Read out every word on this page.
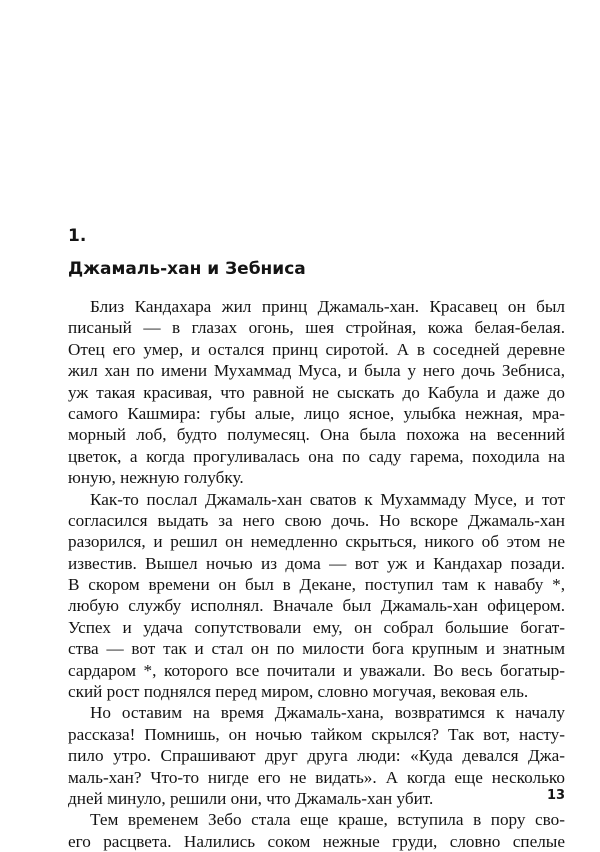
1.
Джамаль-хан и Зебниса
Близ Кандахара жил принц Джамаль-хан. Красавец он был
писаный — в глазах огонь, шея стройная, кожа белая-белая.
Отец его умер, и остался принц сиротой. А в соседней деревне
жил хан по имени Мухаммад Муса, и была у него дочь Зебниса,
уж такая красивая, что равной не сыскать до Кабула и даже до
самого Кашмира: губы алые, лицо ясное, улыбка нежная, мра-
морный лоб, будто полумесяц. Она была похожа на весенний
цветок, а когда прогуливалась она по саду гарема, походила на
юную, нежную голубку.
Как-то послал Джамаль-хан сватов к Мухаммаду Мусе, и тот
согласился выдать за него свою дочь. Но вскоре Джамаль-хан
разорился, и решил он немедленно скрыться, никого об этом не
известив. Вышел ночью из дома — вот уж и Кандахар позади.
В скором времени он был в Декане, поступил там к навабу *,
любую службу исполнял. Вначале был Джамаль-хан офицером.
Успех и удача сопутствовали ему, он собрал большие богат-
ства — вот так и стал он по милости бога крупным и знатным
сардаром *, которого все почитали и уважали. Во весь богатыр-
ский рост поднялся перед миром, словно могучая, вековая ель.
Но оставим на время Джамаль-хана, возвратимся к началу
рассказа! Помнишь, он ночью тайком скрылся? Так вот, насту-
пило утро. Спрашивают друг друга люди: «Куда девался Джа-
маль-хан? Что-то нигде его не видать». А когда еще несколько
дней минуло, решили они, что Джамаль-хан убит.
Тем временем Зебо стала еще краше, вступила в пору сво-
его расцвета. Налились соком нежные груди, словно спелые
13
